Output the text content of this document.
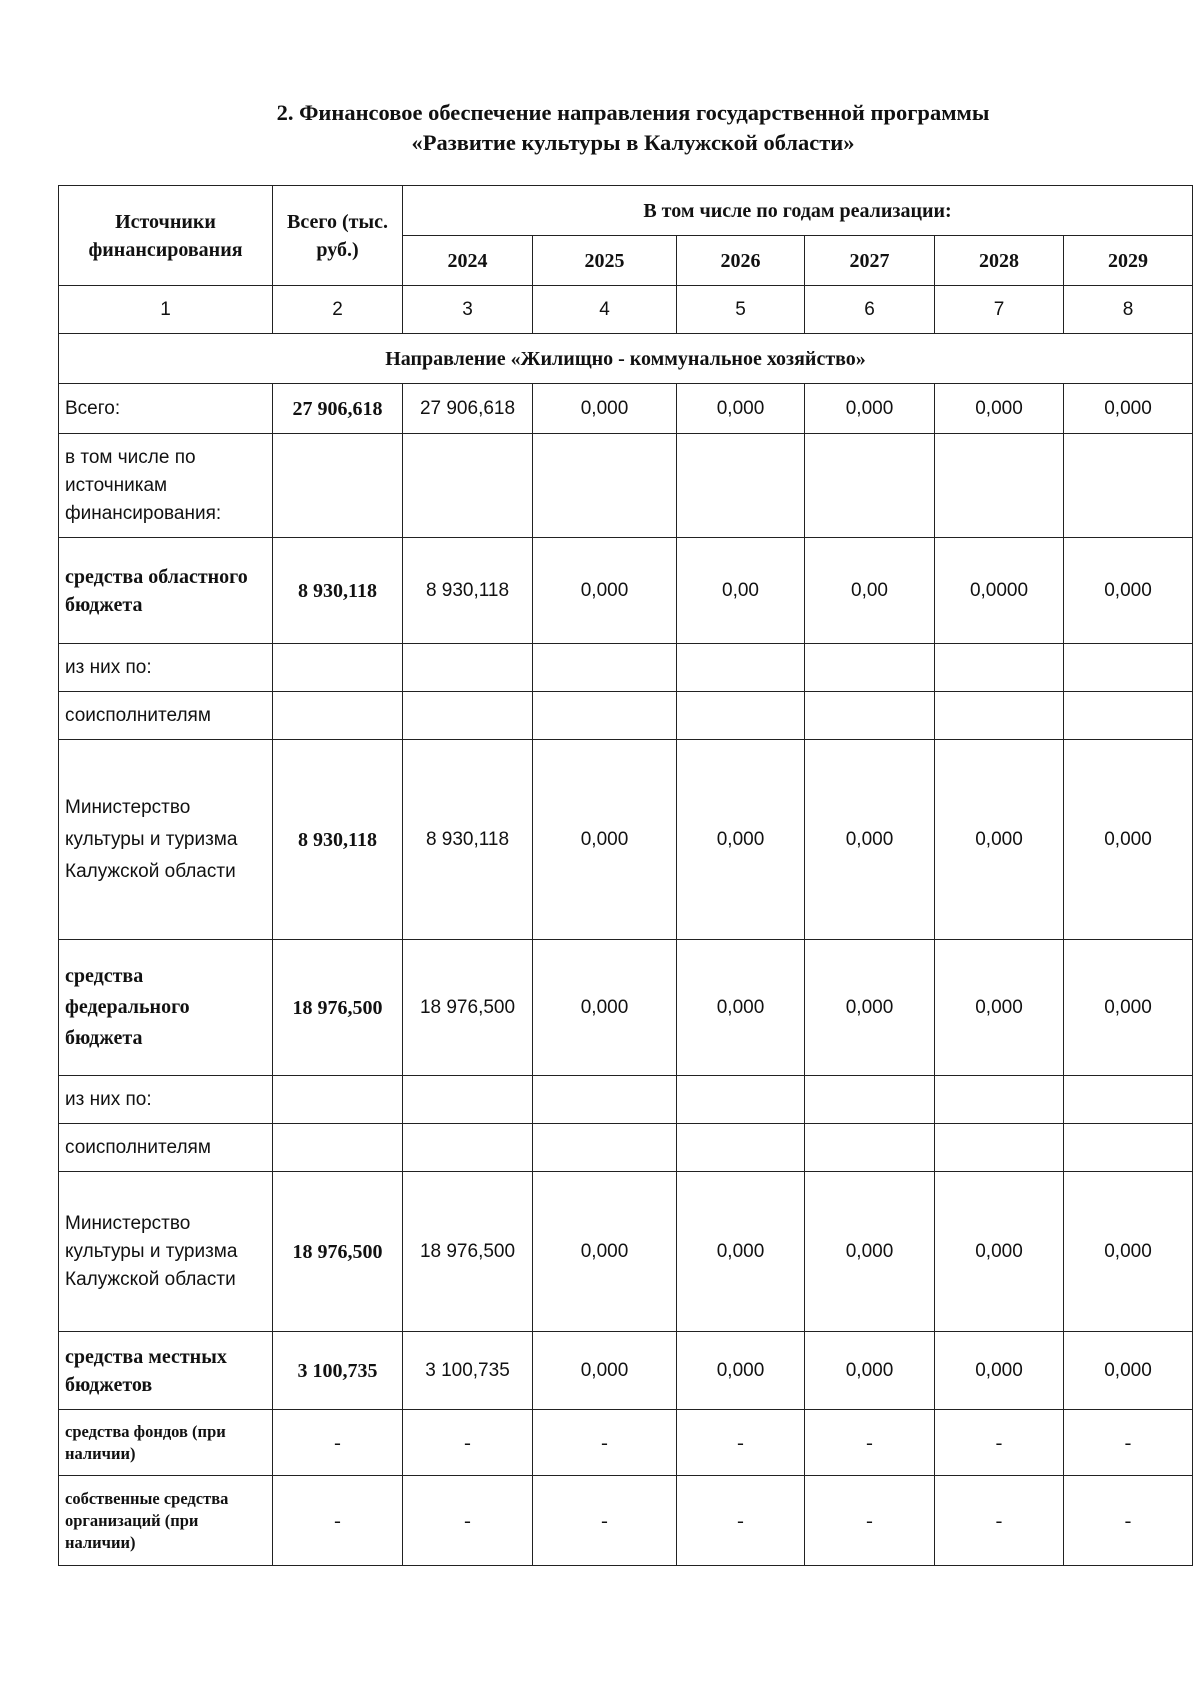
2. Финансовое обеспечение направления государственной программы
«Развитие культуры в Калужской области»
Источники финансирования	Всего (тыс. руб.)	В том числе по годам реализации:					
		2024	2025	2026	2027	2028	2029
1	2	3	4	5	6	7	8
Направление «Жилищно - коммунальное хозяйство»							
Всего:	27 906,618	27 906,618	0,000	0,000	0,000	0,000	0,000
в том числе по источникам финансирования:							
средства областного бюджета	8 930,118	8 930,118	0,000	0,00	0,00	0,0000	0,000
из них по:							
соисполнителям							
Министерство культуры и туризма Калужской области	8 930,118	8 930,118	0,000	0,000	0,000	0,000	0,000
средства федерального бюджета	18 976,500	18 976,500	0,000	0,000	0,000	0,000	0,000
из них по:							
соисполнителям							
Министерство культуры и туризма Калужской области	18 976,500	18 976,500	0,000	0,000	0,000	0,000	0,000
средства местных бюджетов	3 100,735	3 100,735	0,000	0,000	0,000	0,000	0,000
средства фондов (при наличии)	-	-	-	-	-	-	-
собственные средства организаций (при наличии)	-	-	-	-	-	-	-
